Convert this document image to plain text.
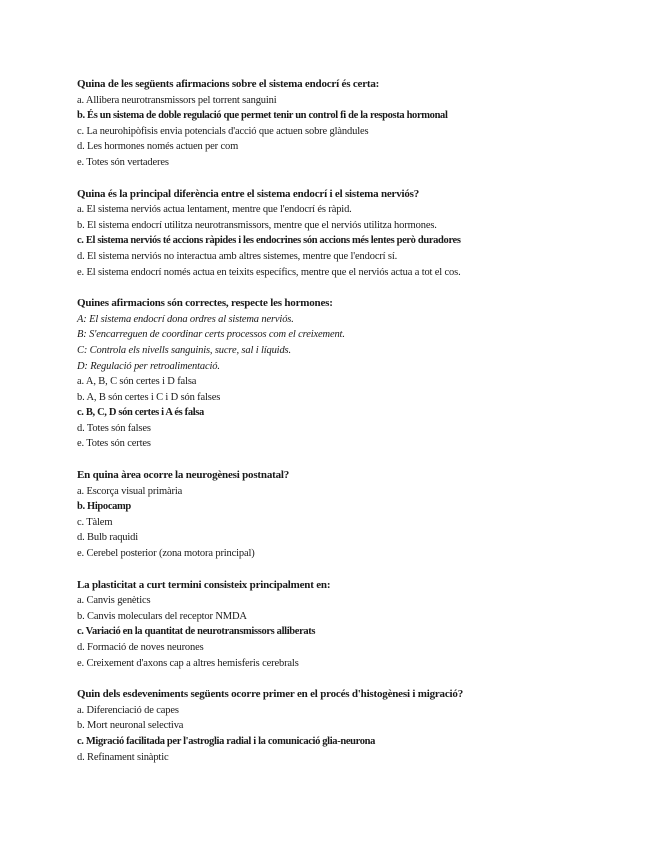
Quina de les següents afirmacions sobre el sistema endocrí és certa:
a. Allibera neurotransmissors pel torrent sanguini
b. És un sistema de doble regulació que permet tenir un control fi de la resposta hormonal
c. La neurohipòfisis envia potencials d'acció que actuen sobre glàndules
d. Les hormones només actuen per com
e. Totes són vertaderes
Quina és la principal diferència entre el sistema endocrí i el sistema nerviós?
a. El sistema nerviós actua lentament, mentre que l'endocrí és ràpid.
b. El sistema endocrí utilitza neurotransmissors, mentre que el nerviós utilitza hormones.
c. El sistema nerviós té accions ràpides i les endocrines són accions més lentes però duradores
d. El sistema nerviós no interactua amb altres sistemes, mentre que l'endocrí sí.
e. El sistema endocrí només actua en teixits específics, mentre que el nerviós actua a tot el cos.
Quines afirmacions són correctes, respecte les hormones:
A: El sistema endocrí dona ordres al sistema nerviós.
B: S'encarreguen de coordinar certs processos com el creixement.
C: Controla els nivells sanguinis, sucre, sal i líquids.
D: Regulació per retroalimentació.
a. A, B, C són certes i D falsa
b. A, B són certes i C i D són falses
c. B, C, D són certes i A és falsa
d. Totes són falses
e. Totes són certes
En quina àrea ocorre la neurogènesi postnatal?
a. Escorça visual primària
b. Hipocamp
c. Tàlem
d. Bulb raquidi
e. Cerebel posterior (zona motora principal)
La plasticitat a curt termini consisteix principalment en:
a. Canvis genètics
b. Canvis moleculars del receptor NMDA
c. Variació en la quantitat de neurotransmissors alliberats
d. Formació de noves neurones
e. Creixement d'axons cap a altres hemisferis cerebrals
Quin dels esdeveniments següents ocorre primer en el procés d'histogènesi i migració?
a. Diferenciació de capes
b. Mort neuronal selectiva
c. Migració facilitada per l'astroglia radial i la comunicació glia-neurona
d. Refinament sinàptic
